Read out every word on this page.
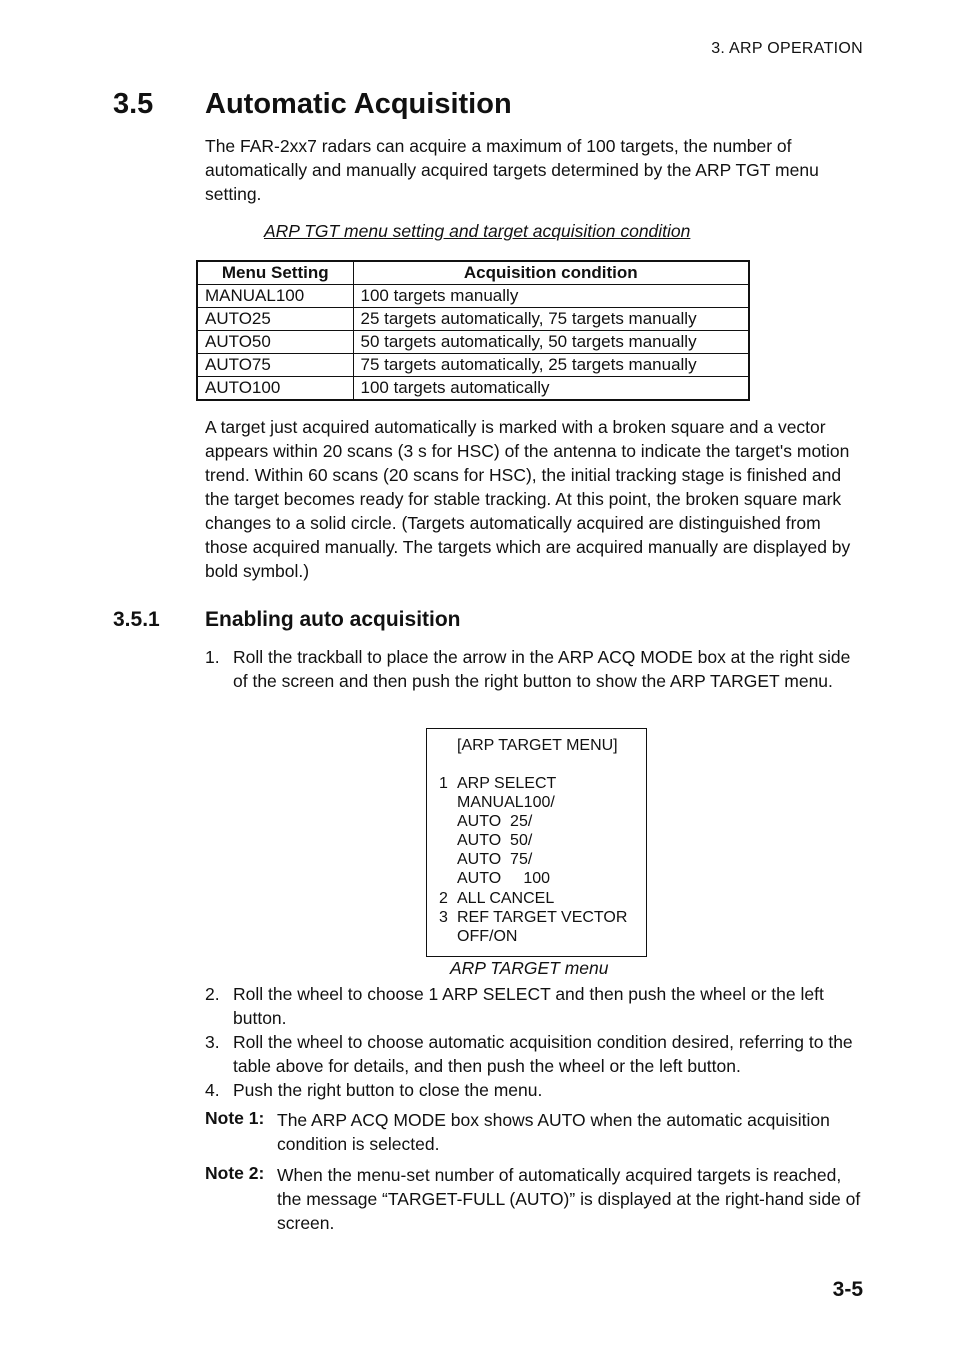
3. ARP OPERATION
3.5 Automatic Acquisition
The FAR-2xx7 radars can acquire a maximum of 100 targets, the number of automatically and manually acquired targets determined by the ARP TGT menu setting.
ARP TGT menu setting and target acquisition condition
Menu Setting	Acquisition condition
MANUAL100	100 targets manually
AUTO25	25 targets automatically, 75 targets manually
AUTO50	50 targets automatically, 50 targets manually
AUTO75	75 targets automatically, 25 targets manually
AUTO100	100 targets automatically
A target just acquired automatically is marked with a broken square and a vector appears within 20 scans (3 s for HSC) of the antenna to indicate the target's motion trend. Within 60 scans (20 scans for HSC), the initial tracking stage is finished and the target becomes ready for stable tracking. At this point, the broken square mark changes to a solid circle. (Targets automatically acquired are distinguished from those acquired manually. The targets which are acquired manually are displayed by bold symbol.)
3.5.1 Enabling auto acquisition
1. Roll the trackball to place the arrow in the ARP ACQ MODE box at the right side of the screen and then push the right button to show the ARP TARGET menu.
[ARP TARGET MENU]
1 ARP SELECT
MANUAL100/
AUTO  25/
AUTO  50/
AUTO  75/
AUTO     100
2 ALL CANCEL
3 REF TARGET VECTOR
OFF/ON
ARP TARGET menu
2. Roll the wheel to choose 1 ARP SELECT and then push the wheel or the left button.
3. Roll the wheel to choose automatic acquisition condition desired, referring to the table above for details, and then push the wheel or the left button.
4. Push the right button to close the menu.
Note 1: The ARP ACQ MODE box shows AUTO when the automatic acquisition condition is selected.
Note 2: When the menu-set number of automatically acquired targets is reached, the message “TARGET-FULL (AUTO)” is displayed at the right-hand side of screen.
3-5
